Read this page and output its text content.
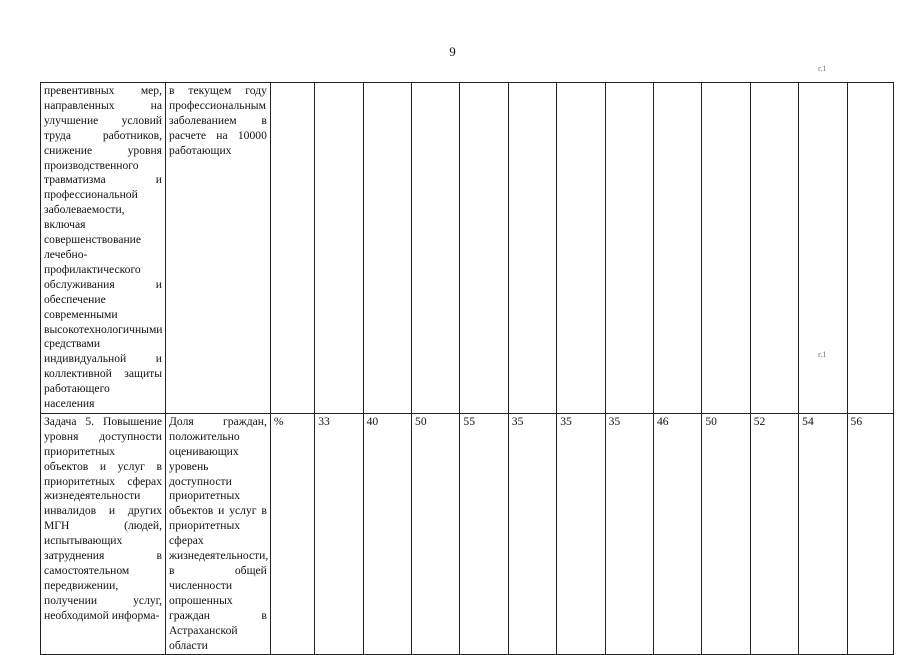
9
г.1
г.1
превентивных мер, направленных на улучшение условий труда работников, снижение уровня производственного травматизма и профессиональной заболеваемости, включая совершенствование лечебно-профилактического обслуживания и обеспечение современными высокотехнологичными средствами индивидуальной и коллективной защиты работающего населения	в текущем году профессиональным заболеванием в расчете на 10000 работающих													
Задача 5. Повышение уровня доступности приоритетных объектов и услуг в приоритетных сферах жизнедеятельности инвалидов и других МГН (людей, испытывающих затруднения в самостоятельном передвижении, получении услуг, необходимой информа-	Доля граждан, положительно оценивающих уровень доступности приоритетных объектов и услуг в приоритетных сферах жизнедеятельности, в общей численности опрошенных граждан в Астраханской области	%	33	40	50	55	35	35	35	46	50	52	54	56
